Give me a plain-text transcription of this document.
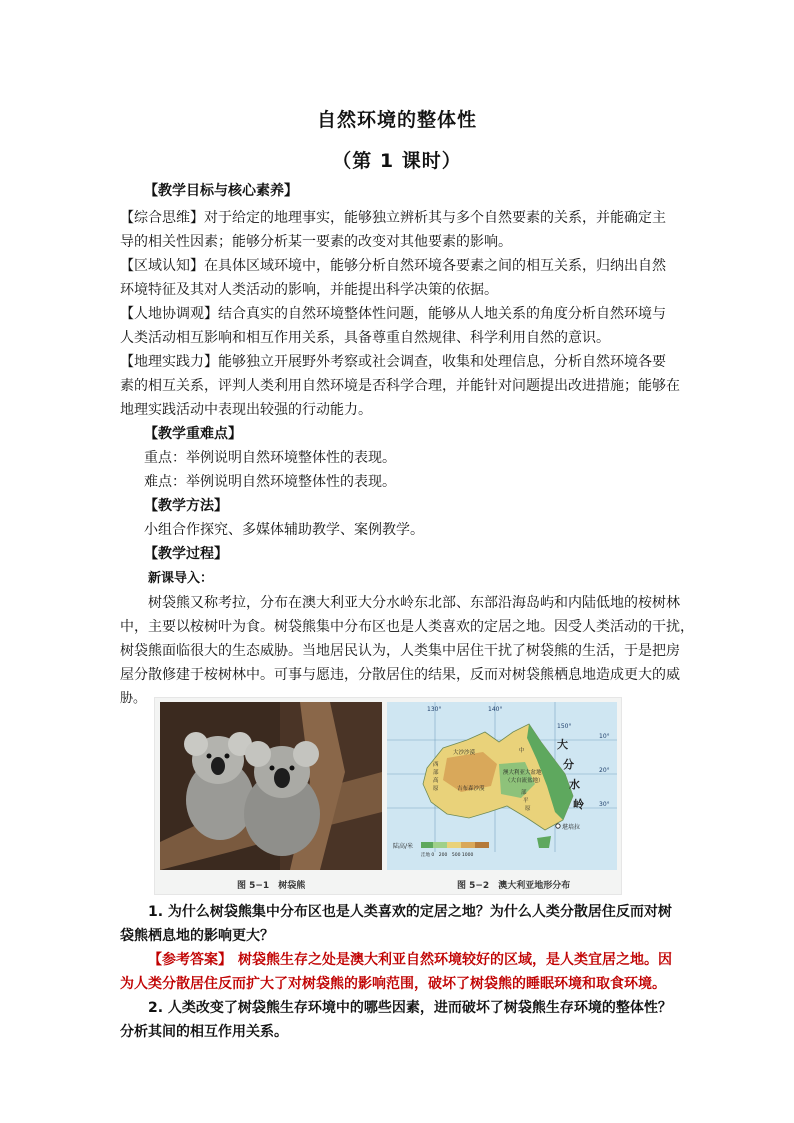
自然环境的整体性
（第 1 课时）
【教学目标与核心素养】
【综合思维】对于给定的地理事实，能够独立辨析其与多个自然要素的关系，并能确定主
导的相关性因素；能够分析某一要素的改变对其他要素的影响。
【区域认知】在具体区域环境中，能够分析自然环境各要素之间的相互关系，归纳出自然
环境特征及其对人类活动的影响，并能提出科学决策的依据。
【人地协调观】结合真实的自然环境整体性问题，能够从人地关系的角度分析自然环境与
人类活动相互影响和相互作用关系，具备尊重自然规律、科学利用自然的意识。
【地理实践力】能够独立开展野外考察或社会调查，收集和处理信息，分析自然环境各要
素的相互关系，评判人类利用自然环境是否科学合理，并能针对问题提出改进措施；能够在
地理实践活动中表现出较强的行动能力。
【教学重难点】
重点：举例说明自然环境整体性的表现。
难点：举例说明自然环境整体性的表现。
【教学方法】
小组合作探究、多媒体辅助教学、案例教学。
【教学过程】
新课导入：
树袋熊又称考拉，分布在澳大利亚大分水岭东北部、东部沿海岛屿和内陆低地的桉树林
中，主要以桉树叶为食。树袋熊集中分布区也是人类喜欢的定居之地。因受人类活动的干扰，
树袋熊面临很大的生态威胁。当地居民认为，人类集中居住干扰了树袋熊的生活，于是把房
屋分散修建于桉树林中。可事与愿违，分散居住的结果，反而对树袋熊栖息地造成更大的威
胁。
130°	140°
150°
10°
20°
30°
大沙沙漠
吉布森沙漠
澳大利亚大盆地
（大自流盆地）
西
部
高
原
中
部
平
原
大
分
水
岭
堪培拉
陆高/米
洼地 0　200　500 1000
图 5−1　树袋熊	图 5−2　澳大利亚地形分布
1. 为什么树袋熊集中分布区也是人类喜欢的定居之地？为什么人类分散居住反而对树
袋熊栖息地的影响更大？
【参考答案】 树袋熊生存之处是澳大利亚自然环境较好的区域，是人类宜居之地。因
为人类分散居住反而扩大了对树袋熊的影响范围，破坏了树袋熊的睡眠环境和取食环境。
2. 人类改变了树袋熊生存环境中的哪些因素，进而破坏了树袋熊生存环境的整体性？
分析其间的相互作用关系。
